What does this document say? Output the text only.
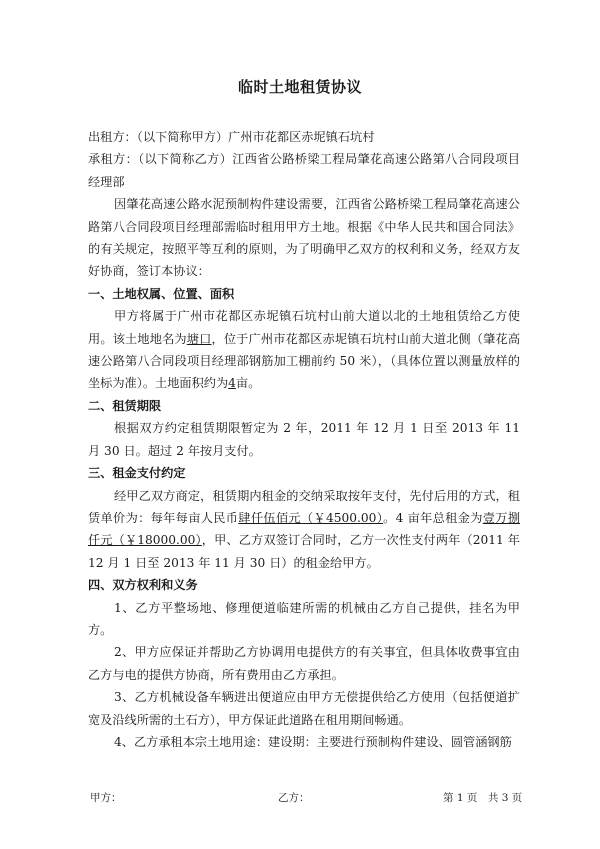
临时土地租赁协议

出租方：（以下简称甲方）广州市花都区赤坭镇石坑村

承租方：（以下简称乙方）江西省公路桥梁工程局肇花高速公路第八合同段项目经理部

因肇花高速公路水泥预制构件建设需要，江西省公路桥梁工程局肇花高速公路第八合同段项目经理部需临时租用甲方土地。根据《中华人民共和国合同法》的有关规定，按照平等互利的原则，为了明确甲乙双方的权利和义务，经双方友好协商，签订本协议：

一、土地权属、位置、面积

甲方将属于广州市花都区赤坭镇石坑村山前大道以北的土地租赁给乙方使用。该土地地名为塘口，位于广州市花都区赤坭镇石坑村山前大道北侧（肇花高速公路第八合同段项目经理部钢筋加工棚前约 50 米），（具体位置以测量放样的坐标为准）。土地面积约为4亩。

二、租赁期限

根据双方约定租赁期限暂定为 2 年，2011 年 12 月 1 日至 2013 年 11 月 30 日。超过 2 年按月支付。

三、租金支付约定

经甲乙双方商定，租赁期内租金的交纳采取按年支付，先付后用的方式，租赁单价为：每年每亩人民币肆仟伍佰元（￥4500.00）。4 亩年总租金为壹万捌仟元（￥18000.00），甲、乙方双签订合同时，乙方一次性支付两年（2011 年 12 月 1 日至 2013 年 11 月 30 日）的租金给甲方。

四、双方权利和义务

1、乙方平整场地、修理便道临建所需的机械由乙方自己提供，挂名为甲方。

2、甲方应保证并帮助乙方协调用电提供方的有关事宜，但具体收费事宜由乙方与电的提供方协商，所有费用由乙方承担。

3、乙方机械设备车辆进出便道应由甲方无偿提供给乙方使用（包括便道扩宽及沿线所需的土石方），甲方保证此道路在租用期间畅通。

4、乙方承租本宗土地用途：建设期：主要进行预制构件建设、圆管涵钢筋

甲方：	乙方：	第 1 页　共 3 页
